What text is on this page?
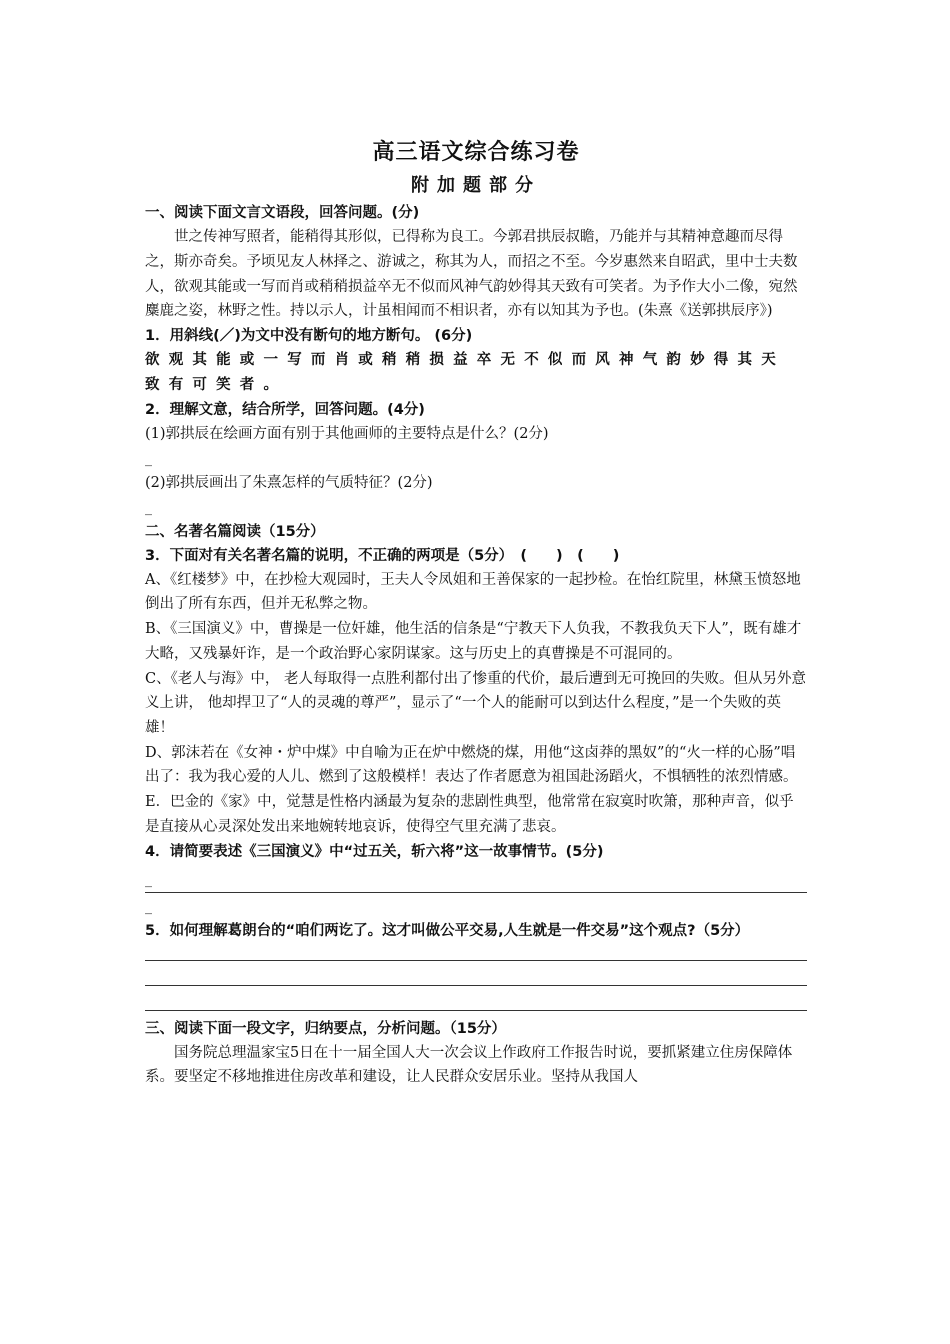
高三语文综合练习卷
附加题部分

一、阅读下面文言文语段，回答问题。(分)

世之传神写照者，能稍得其形似，已得称为良工。今郭君拱辰叔瞻，乃能并与其精神意趣而尽得之，斯亦奇矣。予顷见友人林择之、游诚之，称其为人，而招之不至。今岁惠然来自昭武，里中士夫数人，欲观其能或一写而肖或稍稍损益卒无不似而风神气韵妙得其天致有可笑者。为予作大小二像，宛然麋鹿之姿，林野之性。持以示人，计虽相闻而不相识者，亦有以知其为予也。(朱熹《送郭拱辰序》)

1．用斜线(／)为文中没有断句的地方断句。 (6分)

欲观其能或一写而肖或稍稍损益卒无不似而风神气韵妙得其天致有可笑者。

2．理解文意，结合所学，回答问题。(4分)

(1)郭拱辰在绘画方面有别于其他画师的主要特点是什么？(2分)

_

(2)郭拱辰画出了朱熹怎样的气质特征？(2分)

_

二、名著名篇阅读（15分）

3．下面对有关名著名篇的说明，不正确的两项是（5分）　(　　)　(　　)

A、《红楼梦》中，在抄检大观园时，王夫人令凤姐和王善保家的一起抄检。在怡红院里，林黛玉愤怒地倒出了所有东西，但并无私弊之物。

B、《三国演义》中，曹操是一位奸雄，他生活的信条是“宁教天下人负我，不教我负天下人”，既有雄才大略，又残暴奸诈，是一个政治野心家阴谋家。这与历史上的真曹操是不可混同的。

C、《老人与海》中， 老人每取得一点胜利都付出了惨重的代价，最后遭到无可挽回的失败。但从另外意义上讲， 他却捍卫了“人的灵魂的尊严”，显示了“一个人的能耐可以到达什么程度，”是一个失败的英雄！

D、郭沫若在《女神・炉中煤》中自喻为正在炉中燃烧的煤，用他“这卤莽的黑奴”的“火一样的心肠”唱出了：我为我心爱的人儿、燃到了这般模样！表达了作者愿意为祖国赴汤蹈火，不惧牺牲的浓烈情感。

E．巴金的《家》中，觉慧是性格内涵最为复杂的悲剧性典型，他常常在寂寞时吹箫，那种声音，似乎是直接从心灵深处发出来地婉转地哀诉，使得空气里充满了悲哀。

4．请简要表述《三国演义》中“过五关，斩六将”这一故事情节。(5分)

_

_

5．如何理解葛朗台的“咱们两讫了。这才叫做公平交易,人生就是一件交易”这个观点?（5分）

三、阅读下面一段文字，归纳要点，分析问题。（15分）

国务院总理温家宝5日在十一届全国人大一次会议上作政府工作报告时说，要抓紧建立住房保障体系。要坚定不移地推进住房改革和建设，让人民群众安居乐业。坚持从我国人
